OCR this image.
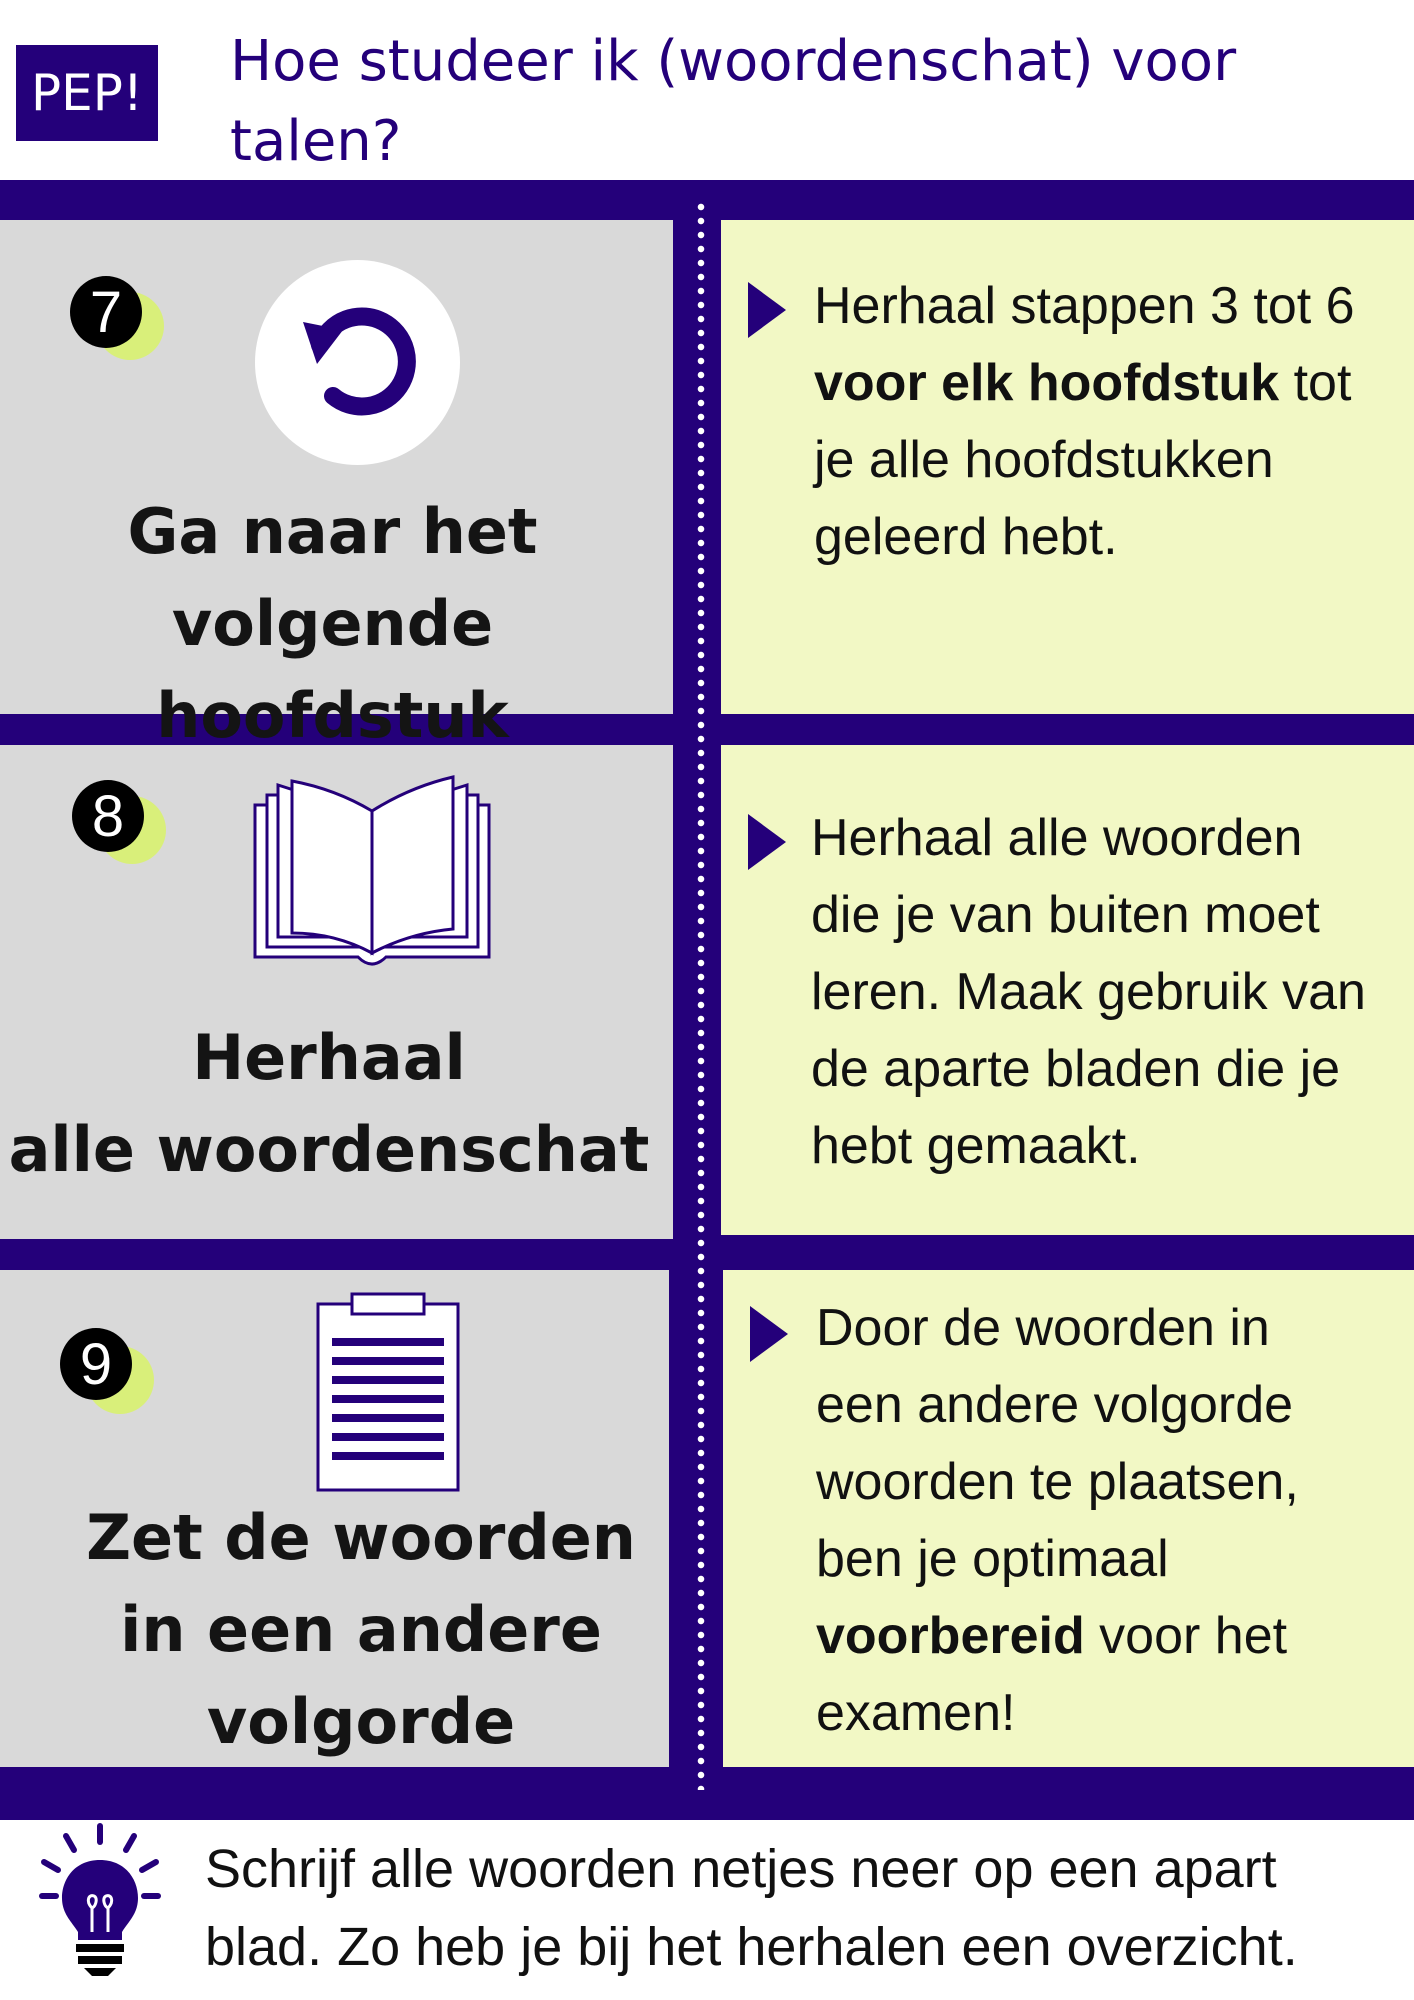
PEP! Hoe studeer ik (woordenschat) voor
talen?
7
Ga naar het
volgende hoofdstuk
Herhaal stappen 3 tot 6
voor elk hoofdstuk tot
je alle hoofdstukken
geleerd hebt.
8
Herhaal
alle woordenschat
Herhaal alle woorden
die je van buiten moet
leren. Maak gebruik van
de aparte bladen die je
hebt gemaakt.
9
Zet de woorden
in een andere
volgorde
Door de woorden in
een andere volgorde
woorden te plaatsen,
ben je optimaal
voorbereid voor het
examen!
Schrijf alle woorden netjes neer op een apart
blad. Zo heb je bij het herhalen een overzicht.
